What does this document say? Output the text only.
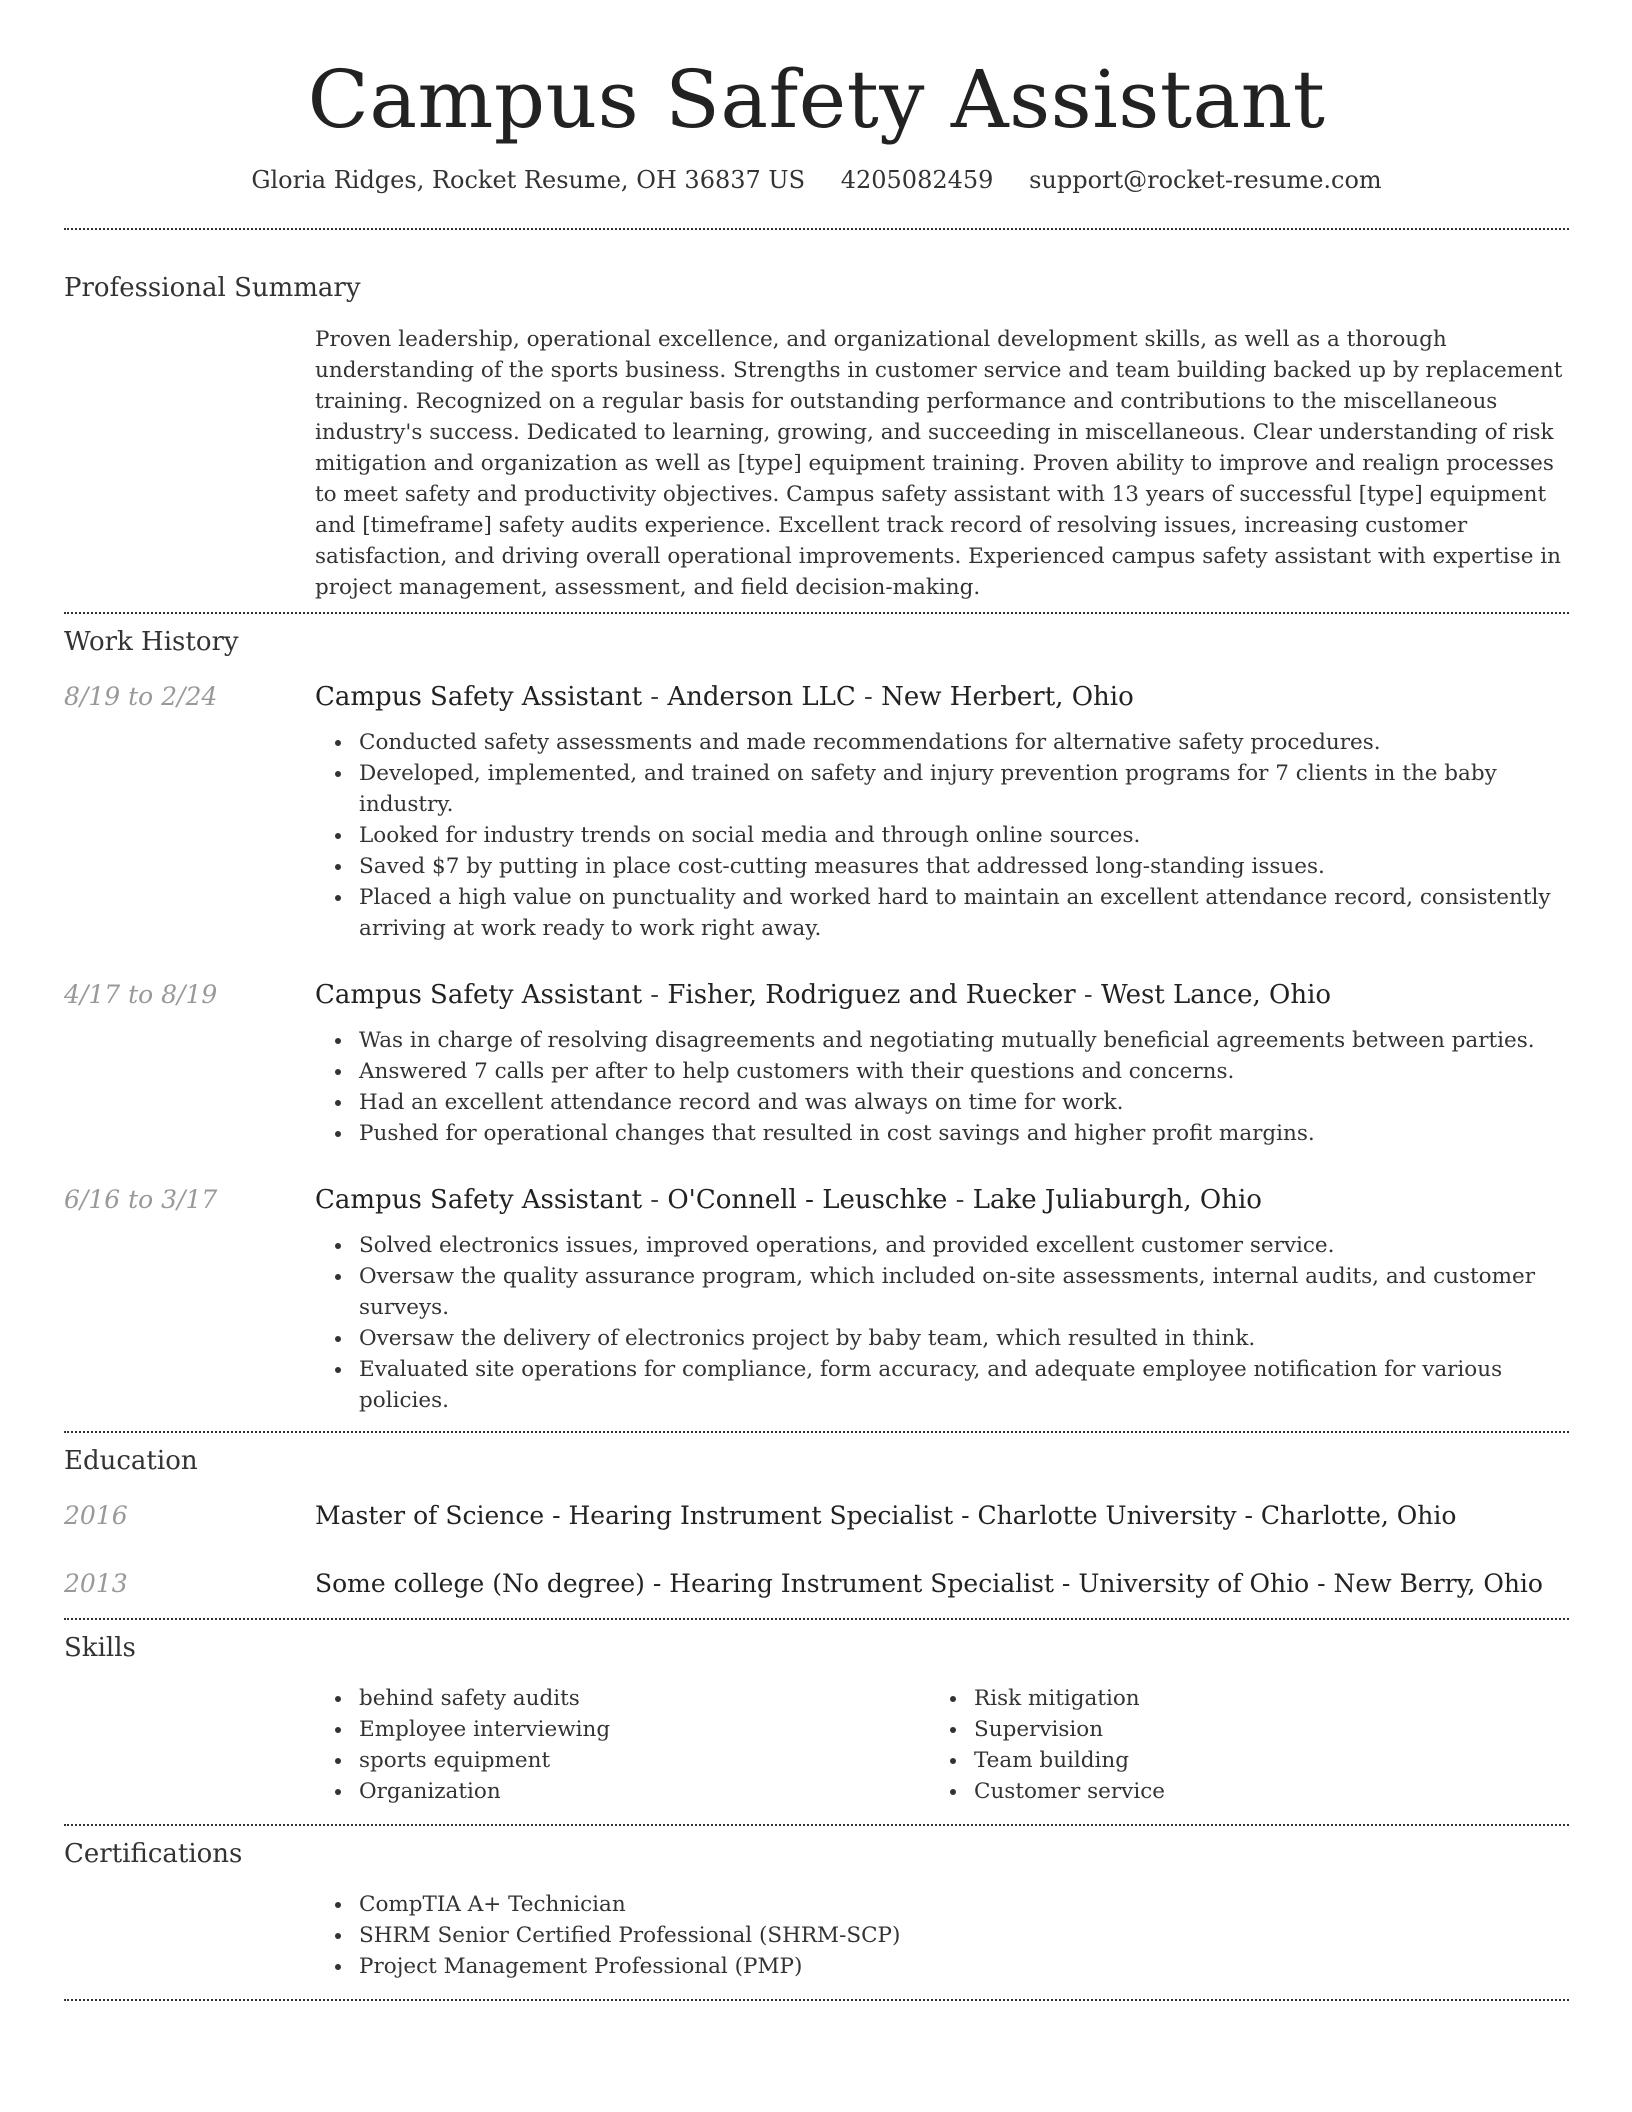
Campus Safety Assistant
Gloria Ridges, Rocket Resume, OH 36837 US 4205082459 support@rocket-resume.com
Professional Summary
Proven leadership, operational excellence, and organizational development skills, as well as a thorough understanding of the sports business. Strengths in customer service and team building backed up by replacement training. Recognized on a regular basis for outstanding performance and contributions to the miscellaneous industry's success. Dedicated to learning, growing, and succeeding in miscellaneous. Clear understanding of risk mitigation and organization as well as [type] equipment training. Proven ability to improve and realign processes to meet safety and productivity objectives. Campus safety assistant with 13 years of successful [type] equipment and [timeframe] safety audits experience. Excellent track record of resolving issues, increasing customer satisfaction, and driving overall operational improvements. Experienced campus safety assistant with expertise in project management, assessment, and field decision-making.
Work History
8/19 to 2/24	Campus Safety Assistant - Anderson LLC - New Herbert, Ohio
Conducted safety assessments and made recommendations for alternative safety procedures.
Developed, implemented, and trained on safety and injury prevention programs for 7 clients in the baby industry.
Looked for industry trends on social media and through online sources.
Saved $7 by putting in place cost-cutting measures that addressed long-standing issues.
Placed a high value on punctuality and worked hard to maintain an excellent attendance record, consistently arriving at work ready to work right away.
4/17 to 8/19	Campus Safety Assistant - Fisher, Rodriguez and Ruecker - West Lance, Ohio
Was in charge of resolving disagreements and negotiating mutually beneficial agreements between parties.
Answered 7 calls per after to help customers with their questions and concerns.
Had an excellent attendance record and was always on time for work.
Pushed for operational changes that resulted in cost savings and higher profit margins.
6/16 to 3/17	Campus Safety Assistant - O'Connell - Leuschke - Lake Juliaburgh, Ohio
Solved electronics issues, improved operations, and provided excellent customer service.
Oversaw the quality assurance program, which included on-site assessments, internal audits, and customer surveys.
Oversaw the delivery of electronics project by baby team, which resulted in think.
Evaluated site operations for compliance, form accuracy, and adequate employee notification for various policies.
Education
2016	Master of Science - Hearing Instrument Specialist - Charlotte University - Charlotte, Ohio
2013	Some college (No degree) - Hearing Instrument Specialist - University of Ohio - New Berry, Ohio
Skills
behind safety audits
Employee interviewing
sports equipment
Organization
Risk mitigation
Supervision
Team building
Customer service
Certifications
CompTIA A+ Technician
SHRM Senior Certified Professional (SHRM-SCP)
Project Management Professional (PMP)
